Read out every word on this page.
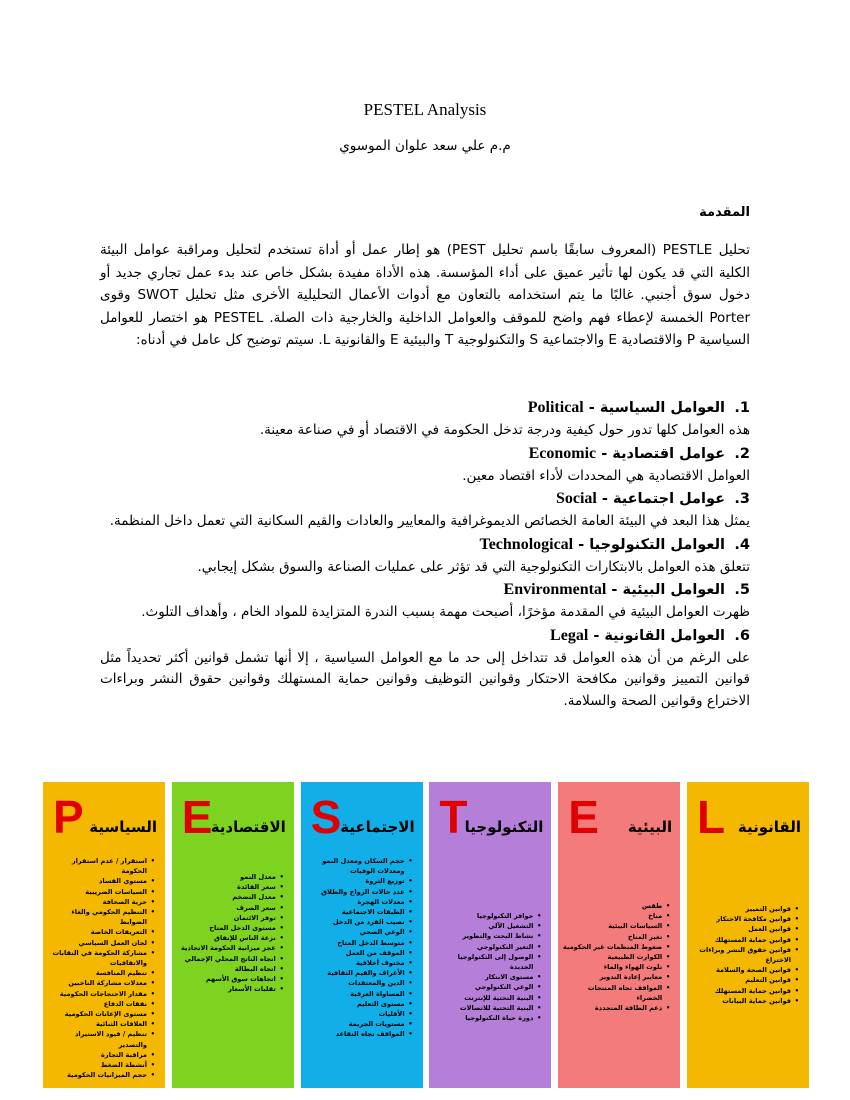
PESTEL Analysis
م.م علي سعد علوان الموسوي
المقدمة
تحليل PESTLE (المعروف سابقًا باسم تحليل PEST) هو إطار عمل أو أداة تستخدم لتحليل ومراقبة عوامل البيئة الكلية التي قد يكون لها تأثير عميق على أداء المؤسسة. هذه الأداة مفيدة بشكل خاص عند بدء عمل تجاري جديد أو دخول سوق أجنبي. غالبًا ما يتم استخدامه بالتعاون مع أدوات الأعمال التحليلية الأخرى مثل تحليل SWOT وقوى Porter الخمسة لإعطاء فهم واضح للموقف والعوامل الداخلية والخارجية ذات الصلة. PESTEL هو اختصار للعوامل السياسية P والاقتصادية E والاجتماعية S والتكنولوجية T والبيئية E والقانونية L. سيتم توضيح كل عامل في أدناه:
1.العوامل السياسية - Political
هذه العوامل كلها تدور حول كيفية ودرجة تدخل الحكومة في الاقتصاد أو في صناعة معينة.
2.عوامل اقتصادية - Economic
العوامل الاقتصادية هي المحددات لأداء اقتصاد معين.
3.عوامل اجتماعية - Social
يمثل هذا البعد في البيئة العامة الخصائص الديموغرافية والمعايير والعادات والقيم السكانية التي تعمل داخل المنظمة.
4.العوامل التكنولوجيا - Technological
تتعلق هذه العوامل بالابتكارات التكنولوجية التي قد تؤثر على عمليات الصناعة والسوق بشكل إيجابي.
5.العوامل البيئية - Environmental
ظهرت العوامل البيئية في المقدمة مؤخرًا، أصبحت مهمة بسبب الندرة المتزايدة للمواد الخام ، وأهداف التلوث.
6.العوامل القانونية - Legal
على الرغم من أن هذه العوامل قد تتداخل إلى حد ما مع العوامل السياسية ، إلا أنها تشمل قوانين أكثر تحديداً مثل قوانين التمييز وقوانين مكافحة الاحتكار وقوانين التوظيف وقوانين حماية المستهلك وقوانين حقوق النشر وبراءات الاختراع وقوانين الصحة والسلامة.
P السياسية
• استقرار / عدم استقرار الحكومة
• مستوى الفساد
• السياسات الضريبية
• حرية الصحافة
• التنظيم الحكومي والغاء الضوابط
• التعريفات الخاصة
• لجان العمل السياسي
• مشاركة الحكومة في النقابات والاتفاقيات
• تنظيم المنافسة
• معدلات مشاركة الناخبين
• مقدار الاحتجاجات الحكومية
• نفقات الدفاع
• مستوى الإعانات الحكومية
• العلاقات الثنائية
• تنظيم / قيود الاستيراد والتصدير
• مراقبة التجارة
• أنشطة الضغط
• حجم الميزانيات الحكومية
E
الاقتصادية
• معدل النمو
• سعر الفائدة
• معدل التضخم
• سعر الصرف
• توفر الائتمان
• مستوى الدخل المتاح
• نزعة الناس للإنفاق
• عجز ميزانية الحكومة الاتحادية
• اتجاه الناتج المحلي الإجمالي
• اتجاه البطالة
• اتجاهات سوق الأسهم
• تقلبات الأسعار
S
الاجتماعية
• حجم السكان ومعدل النمو ومعدلات الوفيات
• توزيع الثروة
• عدد حالات الزواج والطلاق
• معدلات الهجرة
• الطبقات الاجتماعية
• نصيب الفرد من الدخل
• الوعي الصحي
• متوسط الدخل المتاح
• الموقف من العمل
• مختوف أخلاقية
• الأعراف والقيم الثقافية
• الدين والمعتقدات
• المساواة العرقية
• مستوى التعليم
• الأقليات
• مستويات الجريمة
• المواقف تجاه التقاعد
T
التكنولوجيا
• حوافز التكنولوجيا
• التشغيل الآلي
• نشاط البحث والتطوير
• التغير التكنولوجي
• الوصول إلى التكنولوجيا الجديدة
• مستوى الابتكار
• الوعي التكنولوجي
• البنية التحتية للإنترنت
• البنية التحتية للاتصالات
• دورة حياة التكنولوجيا
E البيئية
• طقس
• مناخ
• السياسات البيئية
• تغير المناخ
• ضغوط المنظمات غير الحكومية
• الكوارث الطبيعية
• تلوث الهواء والماء
• معايير إعادة التدوير
• المواقف تجاه المنتجات الخضراء
• دعم الطاقة المتجددة
L القانونية
• قوانين التمييز
• قوانين مكافحة الاحتكار
• قوانين العمل
• قوانين حماية المستهلك
• قوانين حقوق النشر وبراءات الاختراع
• قوانين الصحة والسلامة
• قوانين التعليم
• قوانين حماية المستهلك
• قوانين حماية البيانات
